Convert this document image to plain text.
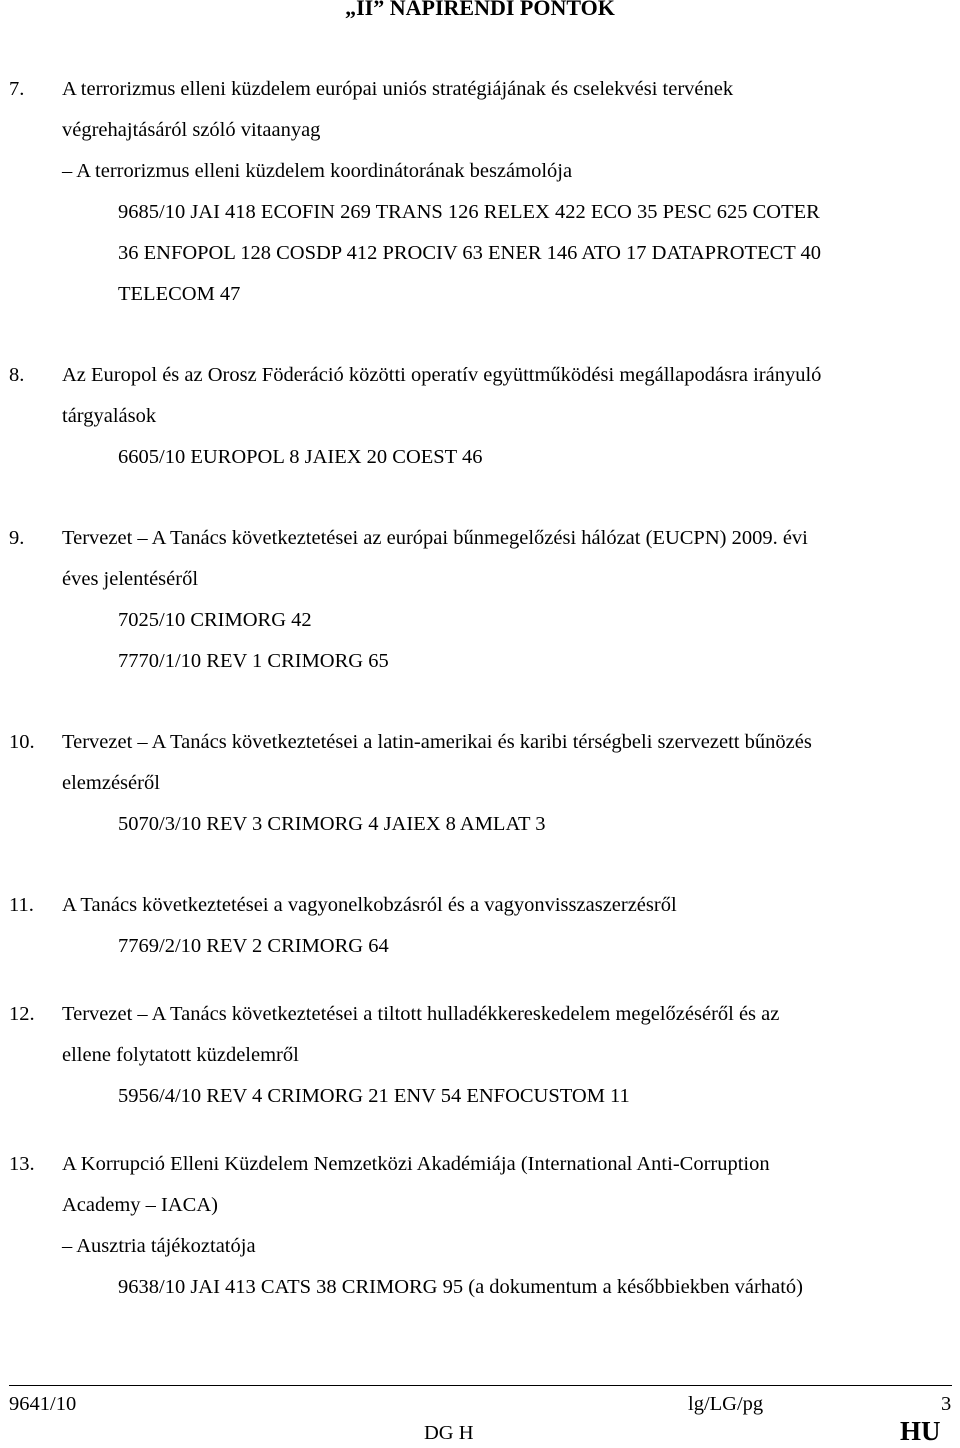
„II” NAPIRENDI PONTOK
7. A terrorizmus elleni küzdelem európai uniós stratégiájának és cselekvési tervének
végrehajtásáról szóló vitaanyag
– A terrorizmus elleni küzdelem koordinátorának beszámolója
9685/10 JAI 418 ECOFIN 269 TRANS 126 RELEX 422 ECO 35 PESC 625 COTER
36 ENFOPOL 128 COSDP 412 PROCIV 63 ENER 146 ATO 17 DATAPROTECT 40
TELECOM 47
8. Az Europol és az Orosz Föderáció közötti operatív együttműködési megállapodásra irányuló
tárgyalások
6605/10 EUROPOL 8 JAIEX 20 COEST 46
9. Tervezet – A Tanács következtetései az európai bűnmegelőzési hálózat (EUCPN) 2009. évi
éves jelentéséről
7025/10 CRIMORG 42
7770/1/10 REV 1 CRIMORG 65
10. Tervezet – A Tanács következtetései a latin-amerikai és karibi térségbeli szervezett bűnözés
elemzéséről
5070/3/10 REV 3 CRIMORG 4 JAIEX 8 AMLAT 3
11. A Tanács következtetései a vagyonelkobzásról és a vagyonvisszaszerzésről
7769/2/10 REV 2 CRIMORG 64
12. Tervezet – A Tanács következtetései a tiltott hulladékkereskedelem megelőzéséről és az
ellene folytatott küzdelemről
5956/4/10 REV 4 CRIMORG 21 ENV 54 ENFOCUSTOM 11
13. A Korrupció Elleni Küzdelem Nemzetközi Akadémiája (International Anti-Corruption
Academy – IACA)
– Ausztria tájékoztatója
9638/10 JAI 413 CATS 38 CRIMORG 95 (a dokumentum a későbbiekben várható)
9641/10	lg/LG/pg	3
DG H	HU
